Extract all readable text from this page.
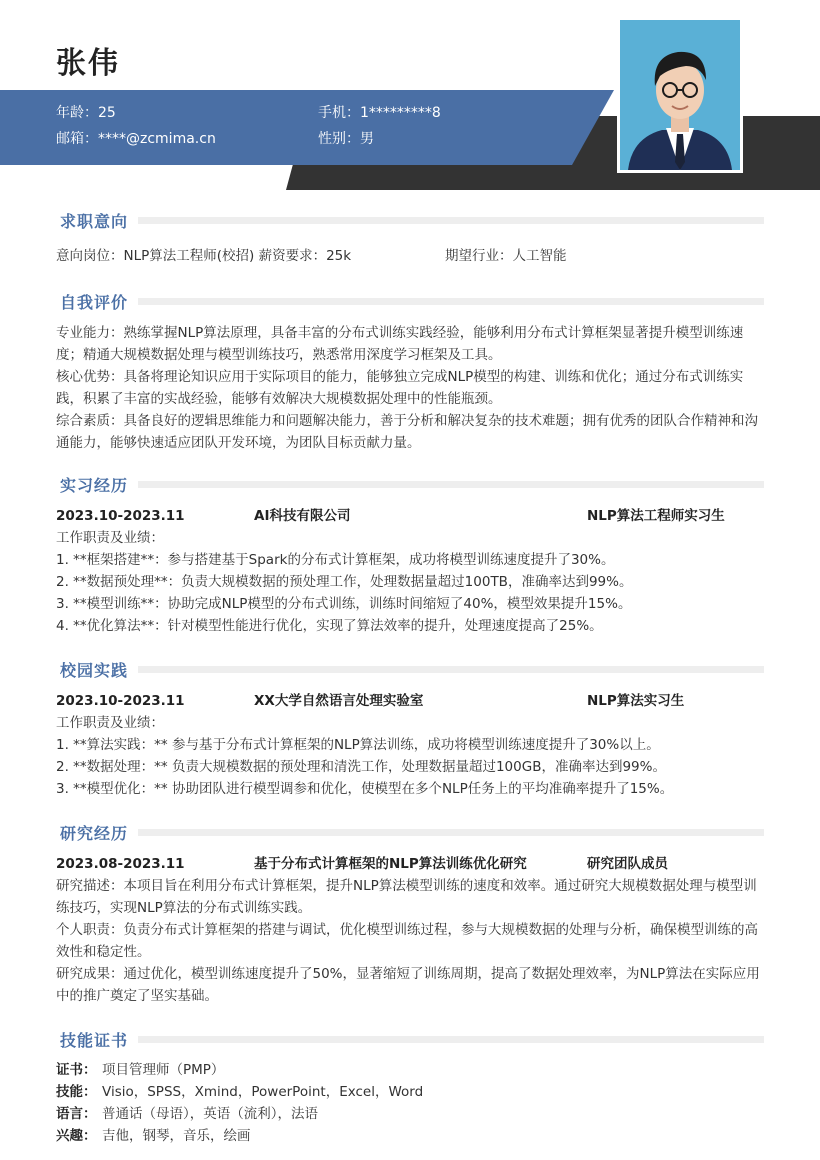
张伟
年龄：25	手机：1*********8
邮箱：****@zcmima.cn	性别：男
求职意向
意向岗位：NLP算法工程师(校招) 薪资要求：25k	期望行业：人工智能
自我评价
专业能力：熟练掌握NLP算法原理，具备丰富的分布式训练实践经验，能够利用分布式计算框架显著提升模型训练速度；精通大规模数据处理与模型训练技巧，熟悉常用深度学习框架及工具。
核心优势：具备将理论知识应用于实际项目的能力，能够独立完成NLP模型的构建、训练和优化；通过分布式训练实践，积累了丰富的实战经验，能够有效解决大规模数据处理中的性能瓶颈。
综合素质：具备良好的逻辑思维能力和问题解决能力，善于分析和解决复杂的技术难题；拥有优秀的团队合作精神和沟通能力，能够快速适应团队开发环境，为团队目标贡献力量。
实习经历
2023.10-2023.11	AI科技有限公司	NLP算法工程师实习生
工作职责及业绩：
1. **框架搭建**：参与搭建基于Spark的分布式计算框架，成功将模型训练速度提升了30%。
2. **数据预处理**：负责大规模数据的预处理工作，处理数据量超过100TB，准确率达到99%。
3. **模型训练**：协助完成NLP模型的分布式训练，训练时间缩短了40%，模型效果提升15%。
4. **优化算法**：针对模型性能进行优化，实现了算法效率的提升，处理速度提高了25%。
校园实践
2023.10-2023.11	XX大学自然语言处理实验室	NLP算法实习生
工作职责及业绩：
1. **算法实践：** 参与基于分布式计算框架的NLP算法训练，成功将模型训练速度提升了30%以上。
2. **数据处理：** 负责大规模数据的预处理和清洗工作，处理数据量超过100GB，准确率达到99%。
3. **模型优化：** 协助团队进行模型调参和优化，使模型在多个NLP任务上的平均准确率提升了15%。
研究经历
2023.08-2023.11	基于分布式计算框架的NLP算法训练优化研究	研究团队成员
研究描述：本项目旨在利用分布式计算框架，提升NLP算法模型训练的速度和效率。通过研究大规模数据处理与模型训练技巧，实现NLP算法的分布式训练实践。
个人职责：负责分布式计算框架的搭建与调试，优化模型训练过程，参与大规模数据的处理与分析，确保模型训练的高效性和稳定性。
研究成果：通过优化，模型训练速度提升了50%，显著缩短了训练周期，提高了数据处理效率，为NLP算法在实际应用中的推广奠定了坚实基础。
技能证书
证书： 项目管理师（PMP）
技能： Visio，SPSS，Xmind，PowerPoint，Excel，Word
语言： 普通话（母语），英语（流利），法语
兴趣： 吉他，钢琴，音乐，绘画
